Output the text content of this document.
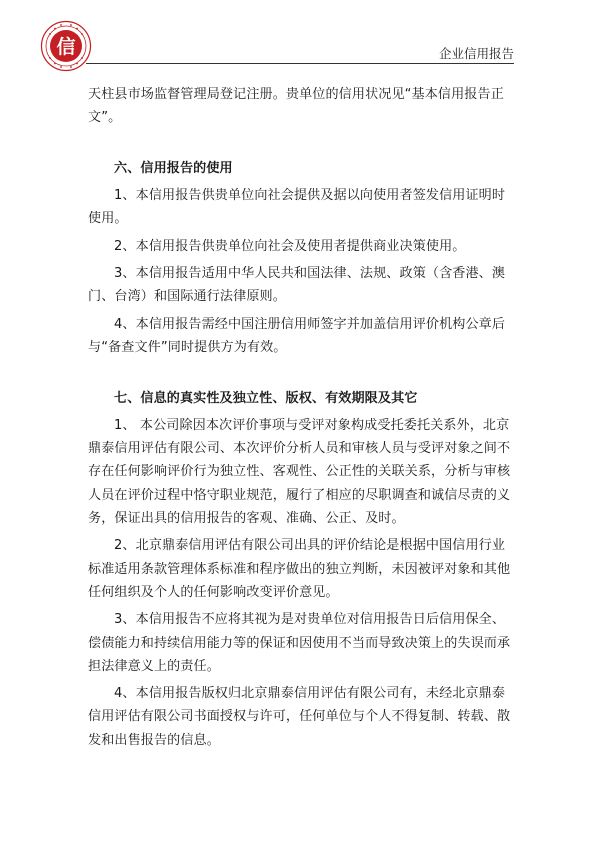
信	企业信用报告

天柱县市场监督管理局登记注册。贵单位的信用状况见“基本信用报告正文”。

六、信用报告的使用

1、本信用报告供贵单位向社会提供及据以向使用者签发信用证明时使用。

2、本信用报告供贵单位向社会及使用者提供商业决策使用。

3、本信用报告适用中华人民共和国法律、法规、政策（含香港、澳门、台湾）和国际通行法律原则。

4、本信用报告需经中国注册信用师签字并加盖信用评价机构公章后与“备查文件”同时提供方为有效。

七、信息的真实性及独立性、版权、有效期限及其它

1、 本公司除因本次评价事项与受评对象构成受托委托关系外，北京鼎泰信用评估有限公司、本次评价分析人员和审核人员与受评对象之间不存在任何影响评价行为独立性、客观性、公正性的关联关系，分析与审核人员在评价过程中恪守职业规范，履行了相应的尽职调查和诚信尽责的义务，保证出具的信用报告的客观、准确、公正、及时。

2、北京鼎泰信用评估有限公司出具的评价结论是根据中国信用行业标准适用条款管理体系标准和程序做出的独立判断，未因被评对象和其他任何组织及个人的任何影响改变评价意见。

3、本信用报告不应将其视为是对贵单位对信用报告日后信用保全、偿债能力和持续信用能力等的保证和因使用不当而导致决策上的失误而承担法律意义上的责任。

4、本信用报告版权归北京鼎泰信用评估有限公司有，未经北京鼎泰信用评估有限公司书面授权与许可，任何单位与个人不得复制、转载、散发和出售报告的信息。
